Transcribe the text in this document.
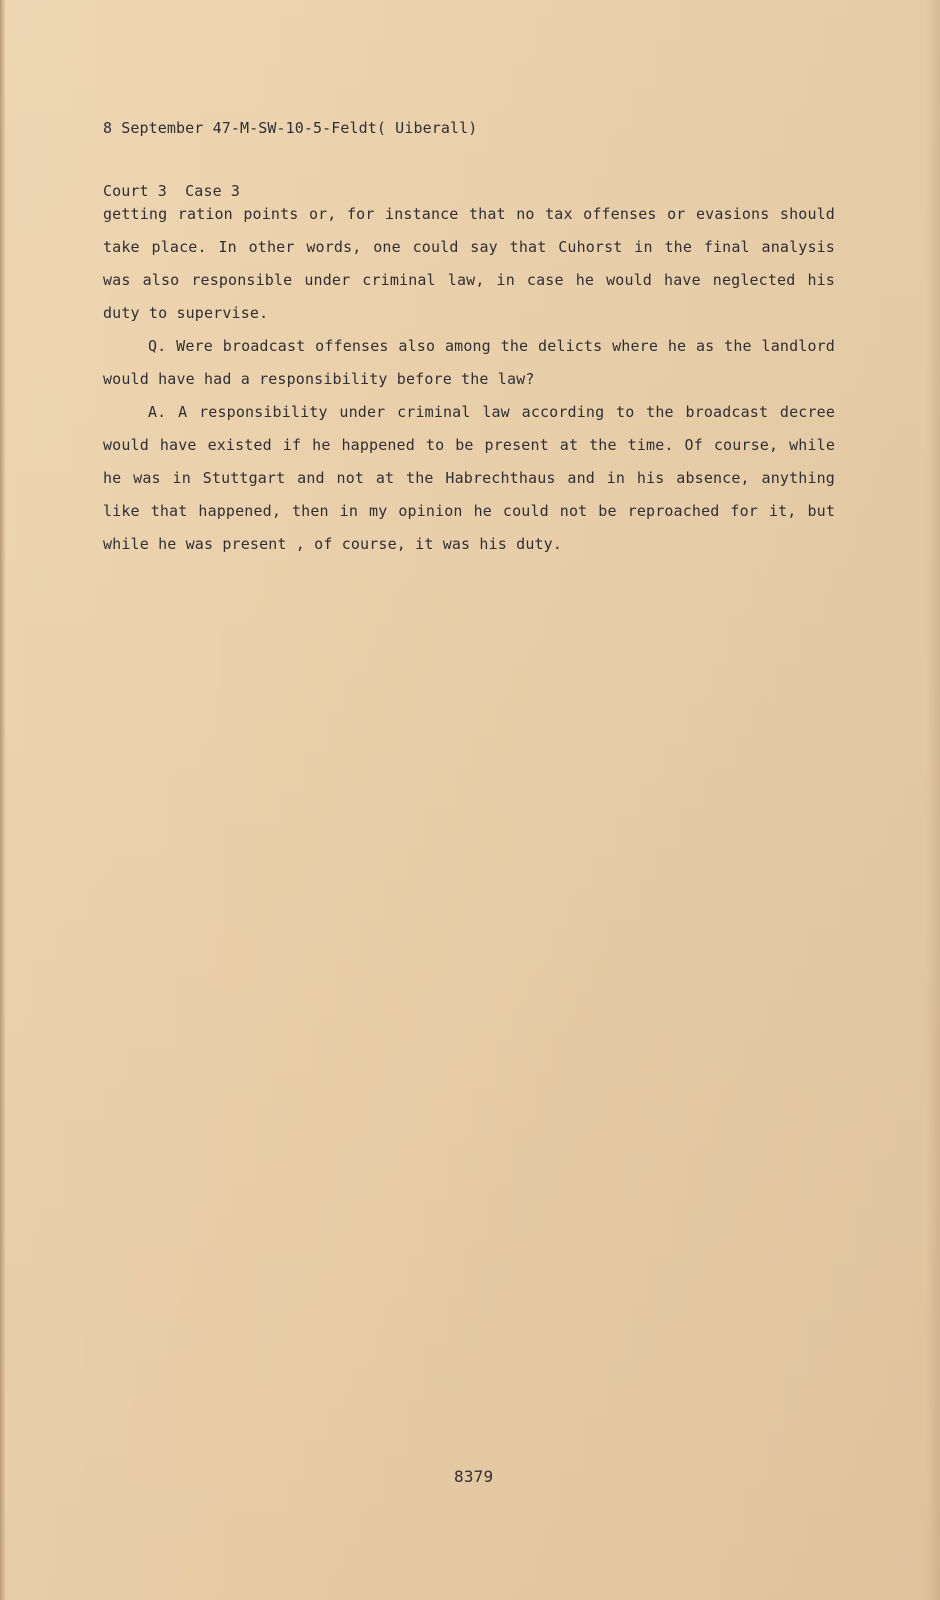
8 September 47-M-SW-10-5-Feldt( Uiberall)

Court 3  Case 3

getting ration points or, for instance that no tax offenses or evasions should take place. In other words, one could say that Cuhorst in the final analysis was also responsible under criminal law, in case he would have neglected his duty to supervise.

Q. Were broadcast offenses also among the delicts where he as the landlord would have had a responsibility before the law?

A. A responsibility under criminal law according to the broadcast decree would have existed if he happened to be present at the time. Of course, while he was in Stuttgart and not at the Habrechthaus and in his absence, anything like that happened, then in my opinion he could not be reproached for it, but while he was present , of course, it was his duty.

8379
